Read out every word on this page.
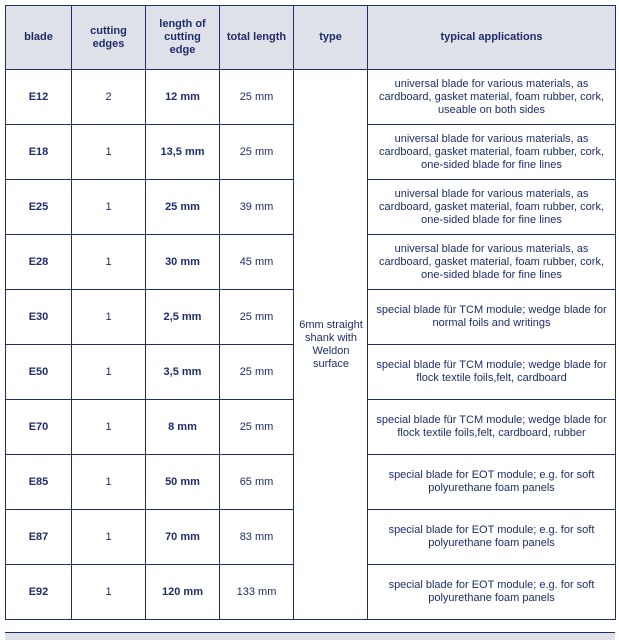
blade	cutting edges	length of cutting edge	total length	type	typical applications
E12	2	12 mm	25 mm	6mm straight shank with Weldon surface	universal blade for various materials, as cardboard, gasket material, foam rubber, cork, useable on both sides
E18	1	13,5 mm	25 mm		universal blade for various materials, as cardboard, gasket material, foam rubber, cork, one-sided blade for fine lines
E25	1	25 mm	39 mm		universal blade for various materials, as cardboard, gasket material, foam rubber, cork, one-sided blade for fine lines
E28	1	30 mm	45 mm		universal blade for various materials, as cardboard, gasket material, foam rubber, cork, one-sided blade for fine lines
E30	1	2,5 mm	25 mm		special blade für TCM module; wedge blade for normal foils and writings
E50	1	3,5 mm	25 mm		special blade für TCM module; wedge blade for flock textile foils,felt, cardboard
E70	1	8 mm	25 mm		special blade für TCM module; wedge blade for flock textile foils,felt, cardboard, rubber
E85	1	50 mm	65 mm		special blade for EOT module; e.g. for soft polyurethane foam panels
E87	1	70 mm	83 mm		special blade for EOT module; e.g. for soft polyurethane foam panels
E92	1	120 mm	133 mm		special blade for EOT module; e.g. for soft polyurethane foam panels
